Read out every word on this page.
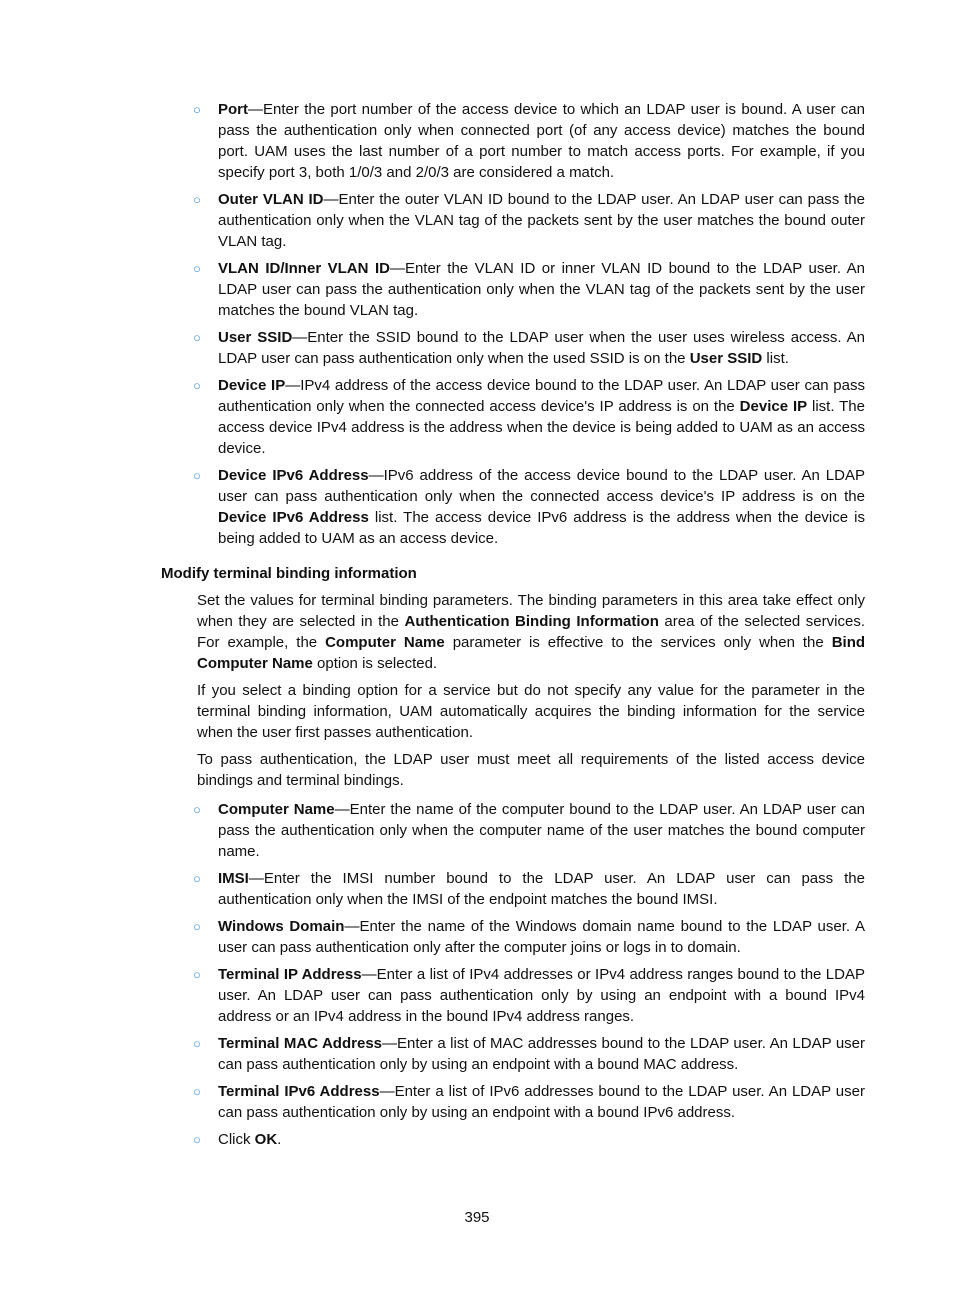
○ Port—Enter the port number of the access device to which an LDAP user is bound. A user can pass the authentication only when connected port (of any access device) matches the bound port. UAM uses the last number of a port number to match access ports. For example, if you specify port 3, both 1/0/3 and 2/0/3 are considered a match.
○ Outer VLAN ID—Enter the outer VLAN ID bound to the LDAP user. An LDAP user can pass the authentication only when the VLAN tag of the packets sent by the user matches the bound outer VLAN tag.
○ VLAN ID/Inner VLAN ID—Enter the VLAN ID or inner VLAN ID bound to the LDAP user. An LDAP user can pass the authentication only when the VLAN tag of the packets sent by the user matches the bound VLAN tag.
○ User SSID—Enter the SSID bound to the LDAP user when the user uses wireless access. An LDAP user can pass authentication only when the used SSID is on the User SSID list.
○ Device IP—IPv4 address of the access device bound to the LDAP user. An LDAP user can pass authentication only when the connected access device's IP address is on the Device IP list. The access device IPv4 address is the address when the device is being added to UAM as an access device.
○ Device IPv6 Address—IPv6 address of the access device bound to the LDAP user. An LDAP user can pass authentication only when the connected access device's IP address is on the Device IPv6 Address list. The access device IPv6 address is the address when the device is being added to UAM as an access device.
Modify terminal binding information

Set the values for terminal binding parameters. The binding parameters in this area take effect only when they are selected in the Authentication Binding Information area of the selected services. For example, the Computer Name parameter is effective to the services only when the Bind Computer Name option is selected.

If you select a binding option for a service but do not specify any value for the parameter in the terminal binding information, UAM automatically acquires the binding information for the service when the user first passes authentication.

To pass authentication, the LDAP user must meet all requirements of the listed access device bindings and terminal bindings.

○ Computer Name—Enter the name of the computer bound to the LDAP user. An LDAP user can pass the authentication only when the computer name of the user matches the bound computer name.
○ IMSI—Enter the IMSI number bound to the LDAP user. An LDAP user can pass the authentication only when the IMSI of the endpoint matches the bound IMSI.
○ Windows Domain—Enter the name of the Windows domain name bound to the LDAP user. A user can pass authentication only after the computer joins or logs in to domain.
○ Terminal IP Address—Enter a list of IPv4 addresses or IPv4 address ranges bound to the LDAP user. An LDAP user can pass authentication only by using an endpoint with a bound IPv4 address or an IPv4 address in the bound IPv4 address ranges.
○ Terminal MAC Address—Enter a list of MAC addresses bound to the LDAP user. An LDAP user can pass authentication only by using an endpoint with a bound MAC address.
○ Terminal IPv6 Address—Enter a list of IPv6 addresses bound to the LDAP user. An LDAP user can pass authentication only by using an endpoint with a bound IPv6 address.
○ Click OK.
395
